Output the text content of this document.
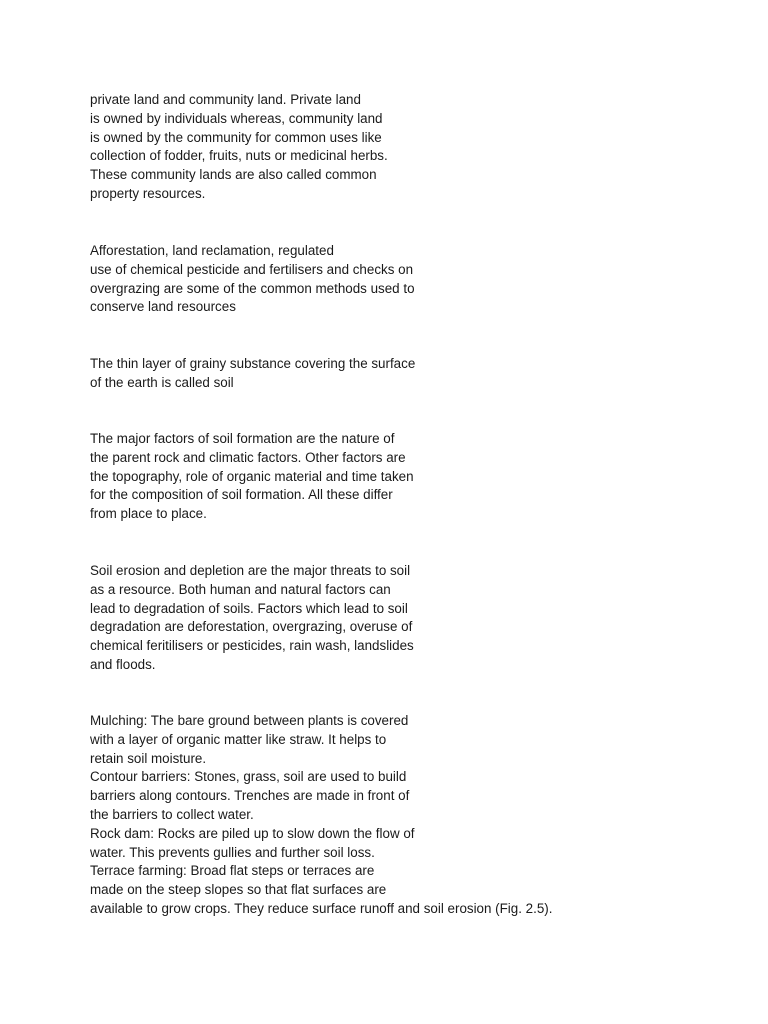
private land and community land. Private land
is owned by individuals whereas, community land
is owned by the community for common uses like
collection of fodder, fruits, nuts or medicinal herbs.
These community lands are also called common
property resources.

Afforestation, land reclamation, regulated
use of chemical pesticide and fertilisers and checks on
overgrazing are some of the common methods used to
conserve land resources

The thin layer of grainy substance covering the surface
of the earth is called soil

The major factors of soil formation are the nature of
the parent rock and climatic factors. Other factors are
the topography, role of organic material and time taken
for the composition of soil formation. All these differ
from place to place.

Soil erosion and depletion are the major threats to soil
as a resource. Both human and natural factors can
lead to degradation of soils. Factors which lead to soil
degradation are deforestation, overgrazing, overuse of
chemical feritilisers or pesticides, rain wash, landslides
and floods.

Mulching: The bare ground between plants is covered
with a layer of organic matter like straw. It helps to
retain soil moisture.
Contour barriers: Stones, grass, soil are used to build
barriers along contours. Trenches are made in front of
the barriers to collect water.
Rock dam: Rocks are piled up to slow down the flow of
water. This prevents gullies and further soil loss.
Terrace farming: Broad flat steps or terraces are
made on the steep slopes so that flat surfaces are
available to grow crops. They reduce surface runoff and soil erosion (Fig. 2.5).
